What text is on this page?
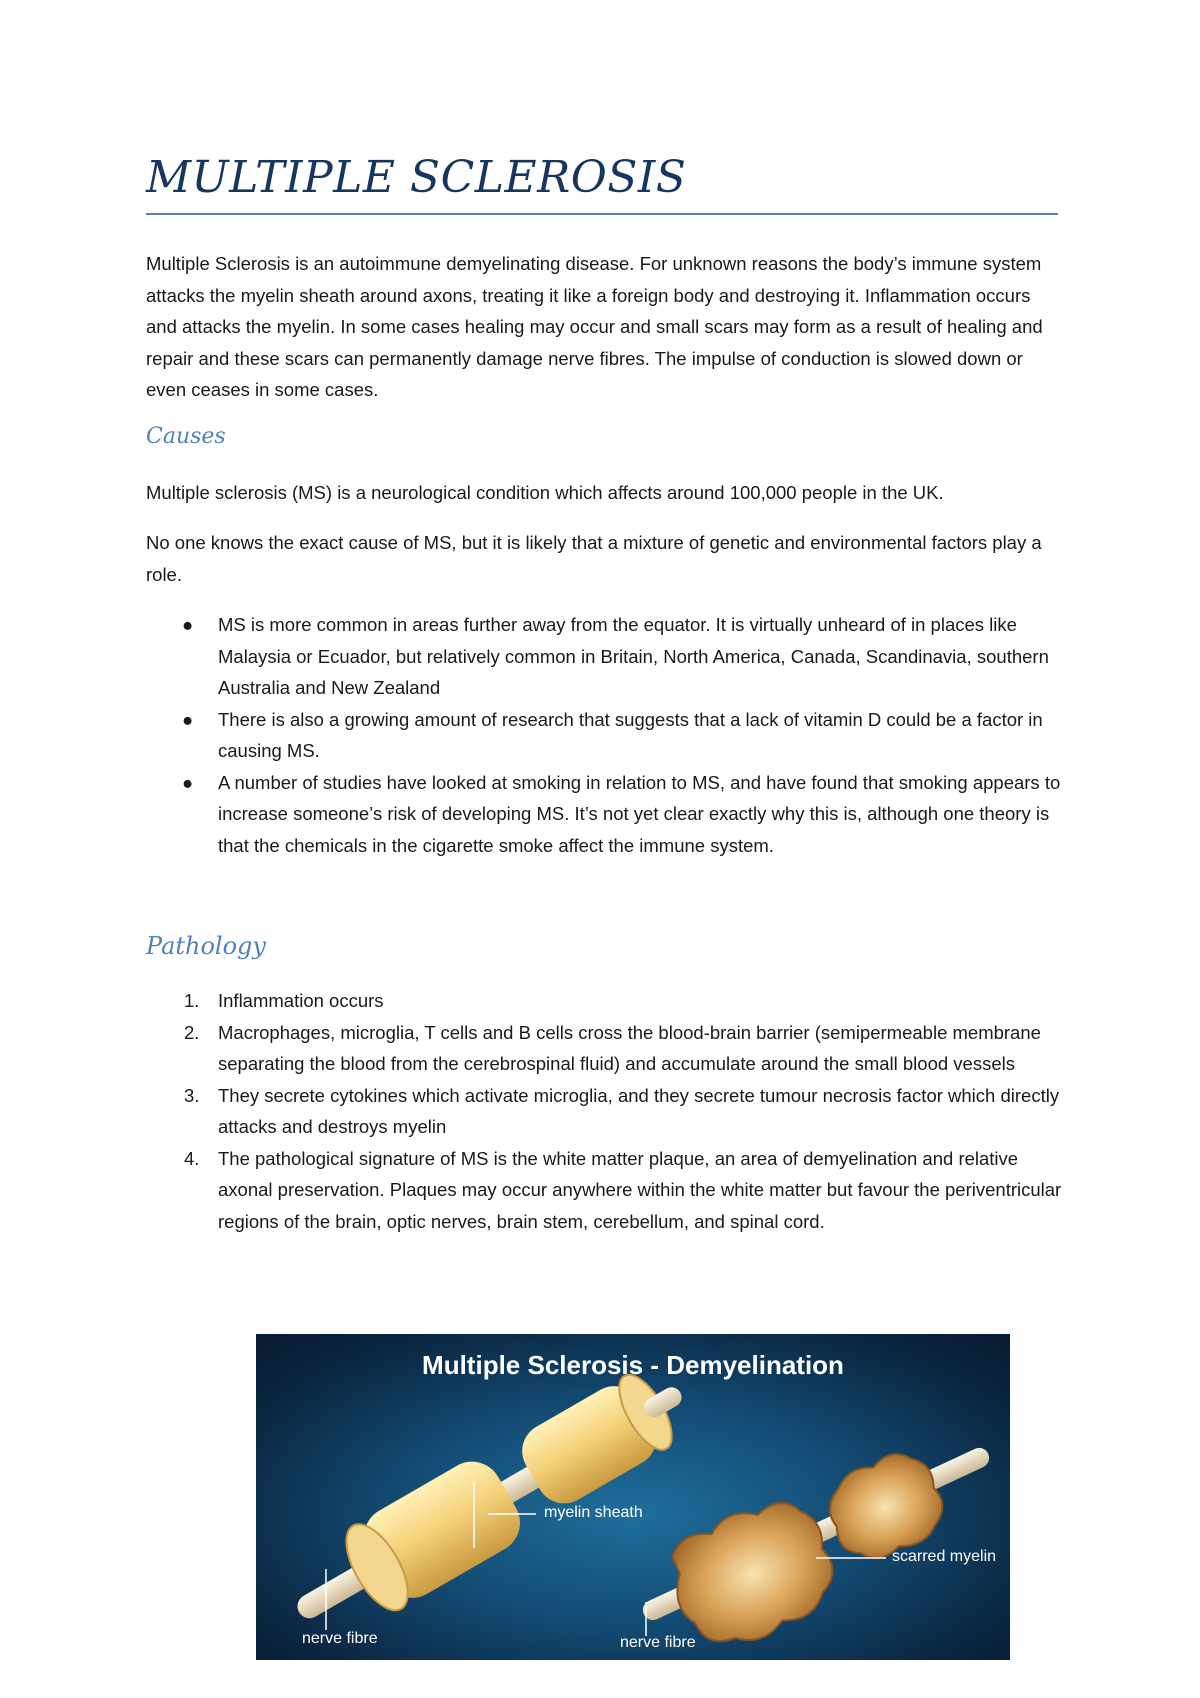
MULTIPLE SCLEROSIS

Multiple Sclerosis is an autoimmune demyelinating disease. For unknown reasons the body’s immune system attacks the myelin sheath around axons, treating it like a foreign body and destroying it. Inflammation occurs and attacks the myelin. In some cases healing may occur and small scars may form as a result of healing and repair and these scars can permanently damage nerve fibres. The impulse of conduction is slowed down or even ceases in some cases.

Causes

Multiple sclerosis (MS) is a neurological condition which affects around 100,000 people in the UK.

No one knows the exact cause of MS, but it is likely that a mixture of genetic and environmental factors play a role.

● MS is more common in areas further away from the equator. It is virtually unheard of in places like Malaysia or Ecuador, but relatively common in Britain, North America, Canada, Scandinavia, southern Australia and New Zealand
● There is also a growing amount of research that suggests that a lack of vitamin D could be a factor in causing MS.
● A number of studies have looked at smoking in relation to MS, and have found that smoking appears to increase someone’s risk of developing MS. It’s not yet clear exactly why this is, although one theory is that the chemicals in the cigarette smoke affect the immune system.
Pathology
1. Inflammation occurs
2. Macrophages, microglia, T cells and B cells cross the blood-brain barrier (semipermeable membrane separating the blood from the cerebrospinal fluid) and accumulate around the small blood vessels
3. They secrete cytokines which activate microglia, and they secrete tumour necrosis factor which directly attacks and destroys myelin
4. The pathological signature of MS is the white matter plaque, an area of demyelination and relative axonal preservation. Plaques may occur anywhere within the white matter but favour the periventricular regions of the brain, optic nerves, brain stem, cerebellum, and spinal cord.
Multiple Sclerosis - Demyelination
myelin sheath
nerve fibre	nerve fibre
scarred myelin
